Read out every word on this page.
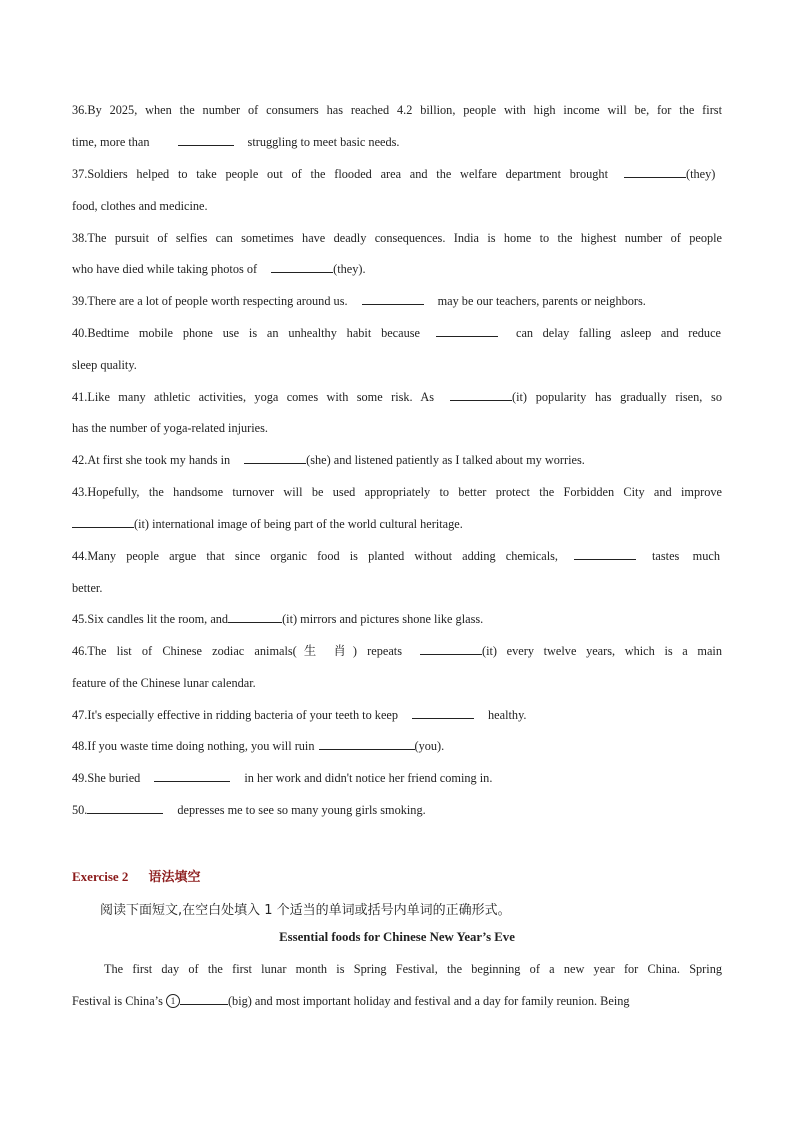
36.By 2025, when the number of consumers has reached 4.2 billion, people with high income will be, for the first
time, more than	struggling to meet basic needs.
37.Soldiers helped to take people out of the flooded area and the welfare department brought	(they)
food, clothes and medicine.
38.The pursuit of selfies can sometimes have deadly consequences. India is home to the highest number of people
who have died while taking photos of	(they).
39.There are a lot of people worth respecting around us.	may be our teachers, parents or neighbors.
40.Bedtime mobile phone use is an unhealthy habit because	can delay falling asleep and reduce
sleep quality.
41.Like many athletic activities, yoga comes with some risk. As	(it) popularity has gradually risen, so
has the number of yoga-related injuries.
42.At first she took my hands in	(she) and listened patiently as I talked about my worries.
43.Hopefully, the handsome turnover will be used appropriately to better protect the Forbidden City and improve
(it) international image of being part of the world cultural heritage.
44.Many people argue that since organic food is planted without adding chemicals,	tastes much
better.
45.Six candles lit the room, and	(it) mirrors and pictures shone like glass.
46.The list of Chinese zodiac animals(生 肖) repeats	(it) every twelve years, which is a main
feature of the Chinese lunar calendar.
47.It's especially effective in ridding bacteria of your teeth to keep	healthy.
48.If you waste time doing nothing, you will ruin	(you).
49.She buried	in her work and didn't notice her friend coming in.
50.	depresses me to see so many young girls smoking.
Exercise 2 语法填空
阅读下面短文,在空白处填入 1 个适当的单词或括号内单词的正确形式。
Essential foods for Chinese New Year’s Eve
The first day of the first lunar month is Spring Festival, the beginning of a new year for China. Spring
Festival is China’s 1	(big) and most important holiday and festival and a day for family reunion. Being
